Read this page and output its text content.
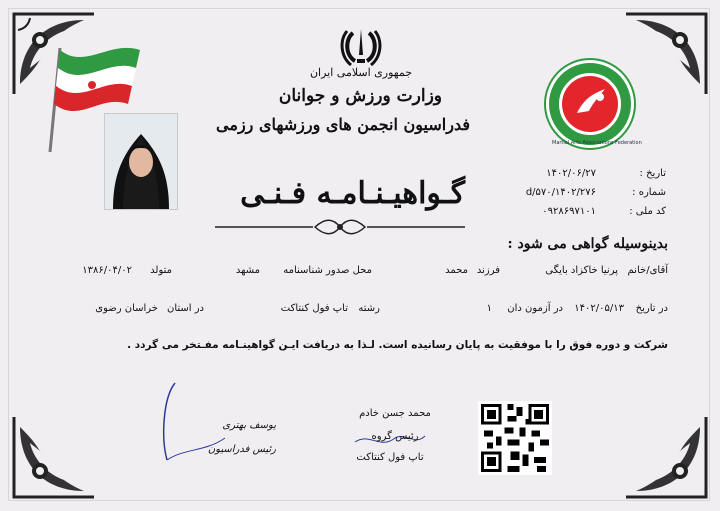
جمهوری اسلامی ایران
وزارت ورزش و جوانان
فدراسیون انجمن های ورزشهای رزمی
Martial Arts Associations Federation
گـواهیـنـامـه فـنـی
تاریخ :
۱۴۰۲/۰۶/۲۷
شماره :
۱۴۰۲/۲۷۶/d/۵۷۰
کد ملی :
۰۹۲۸۶۹۷۱۰۱
بدینوسیله گواهی می شود :
آقای/خانم
پرنیا خاکزاد بایگی
فرزند
محمد
محل صدور شناسنامه
مشهد
متولد
۱۳۸۶/۰۴/۰۲
در تاریخ
۱۴۰۲/۰۵/۱۳
در آزمون دان
۱
رشته
تاپ فول کنتاکت
در استان
خراسان رضوی
شرکت و دوره فوق را با موفقیت به پایان رسانیده است. لـذا به دریافت ایـن گواهینـامه مفـتخر می گردد .
یوسف بهتری
رئیس فدراسیون
محمد جسن خادم
رئیس گروه
تاپ فول کنتاکت
